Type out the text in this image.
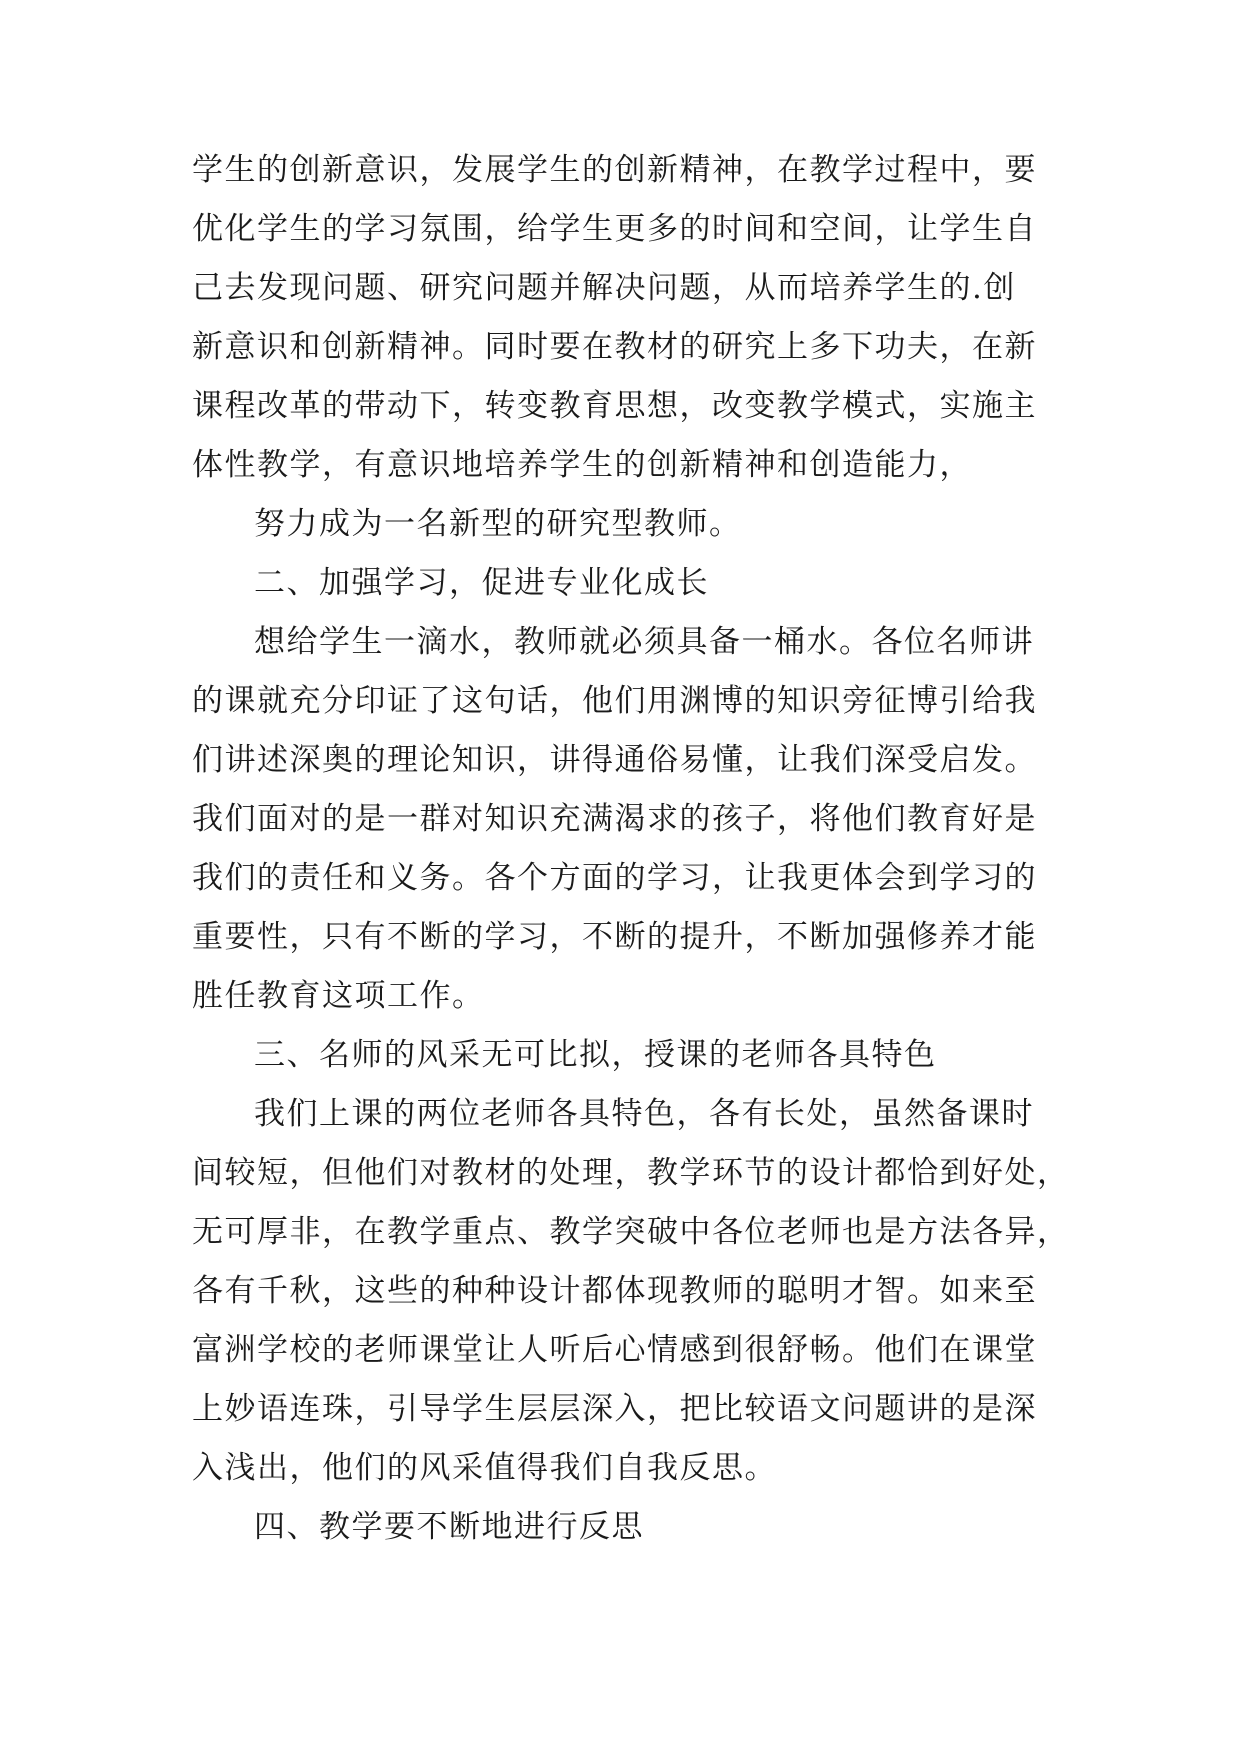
学生的创新意识，发展学生的创新精神，在教学过程中，要
优化学生的学习氛围，给学生更多的时间和空间，让学生自
己去发现问题、研究问题并解决问题，从而培养学生的.创
新意识和创新精神。同时要在教材的研究上多下功夫，在新
课程改革的带动下，转变教育思想，改变教学模式，实施主
体性教学，有意识地培养学生的创新精神和创造能力，
努力成为一名新型的研究型教师。
二、加强学习，促进专业化成长
想给学生一滴水，教师就必须具备一桶水。各位名师讲
的课就充分印证了这句话，他们用渊博的知识旁征博引给我
们讲述深奥的理论知识，讲得通俗易懂，让我们深受启发。
我们面对的是一群对知识充满渴求的孩子，将他们教育好是
我们的责任和义务。各个方面的学习，让我更体会到学习的
重要性，只有不断的学习，不断的提升，不断加强修养才能
胜任教育这项工作。
三、名师的风采无可比拟，授课的老师各具特色
我们上课的两位老师各具特色，各有长处，虽然备课时
间较短，但他们对教材的处理，教学环节的设计都恰到好处，
无可厚非，在教学重点、教学突破中各位老师也是方法各异，
各有千秋，这些的种种设计都体现教师的聪明才智。如来至
富洲学校的老师课堂让人听后心情感到很舒畅。他们在课堂
上妙语连珠，引导学生层层深入，把比较语文问题讲的是深
入浅出，他们的风采值得我们自我反思。
四、教学要不断地进行反思
